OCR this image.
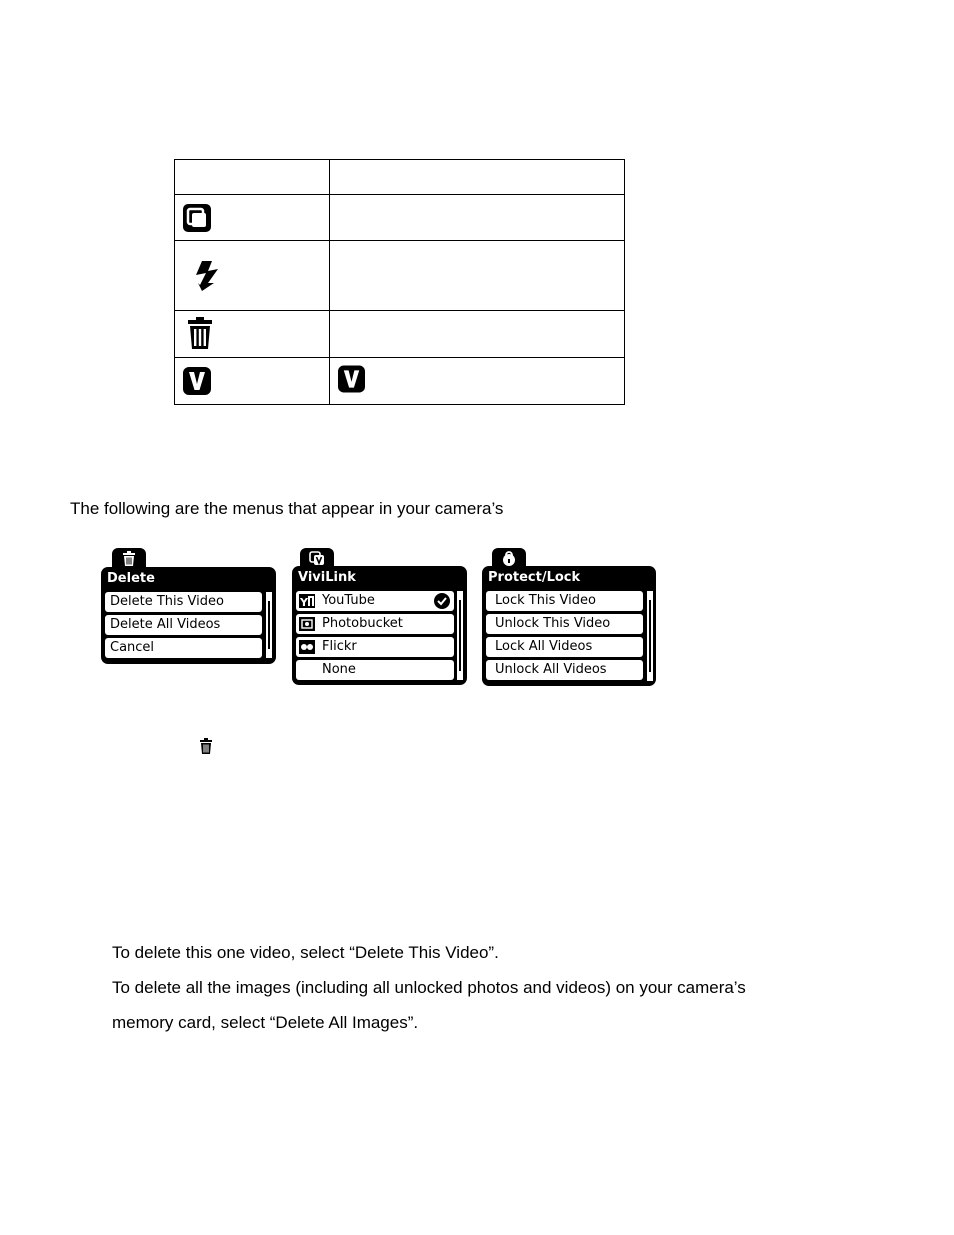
The following are the menus that appear in your camera’s
Delete
Delete This Video
Delete All Videos
Cancel
ViviLink
Y YouTube
Photobucket
Flickr
None
Protect/Lock
Lock This Video
Unlock This Video
Lock All Videos
Unlock All Videos
To delete this one video, select “Delete This Video”.
To delete all the images (including all unlocked photos and videos) on your camera’s
memory card, select “Delete All Images”.
